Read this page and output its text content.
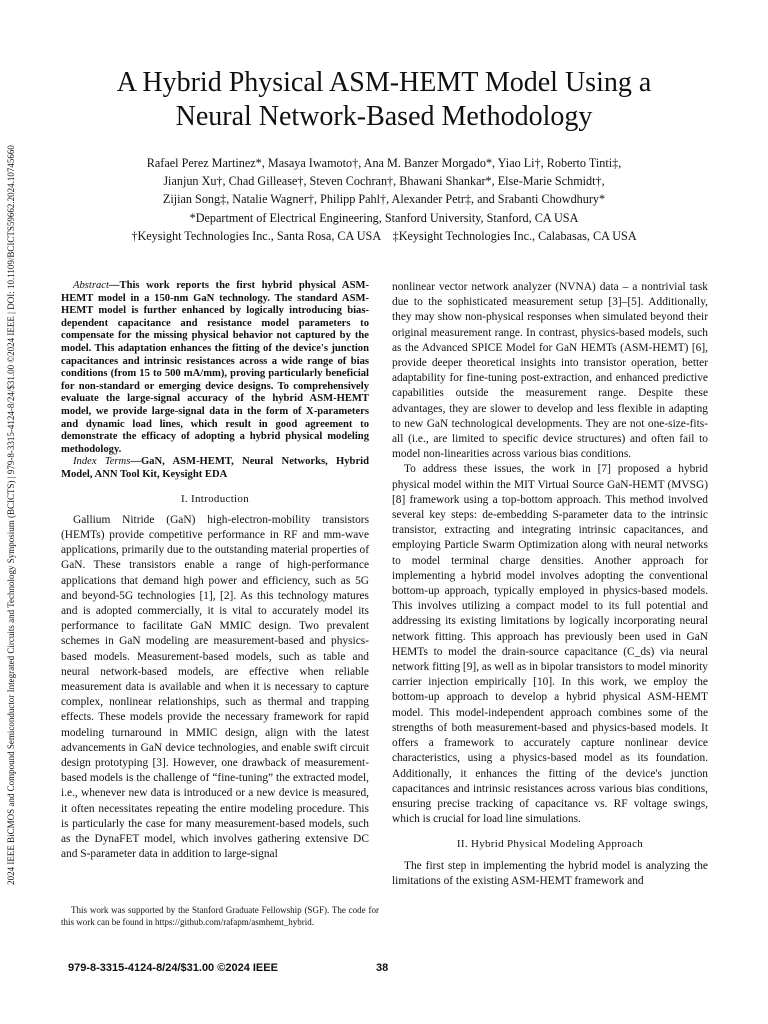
2024 IEEE BiCMOS and Compound Semiconductor Integrated Circuits and Technology Symposium (BCICTS) | 979-8-3315-4124-8/24/$31.00 ©2024 IEEE | DOI: 10.1109/BCICTS59662.2024.10745660
A Hybrid Physical ASM-HEMT Model Using a
Neural Network-Based Methodology
Rafael Perez Martinez*, Masaya Iwamoto†, Ana M. Banzer Morgado*, Yiao Li†, Roberto Tinti‡,
Jianjun Xu†, Chad Gillease†, Steven Cochran†, Bhawani Shankar*, Else-Marie Schmidt†,
Zijian Song‡, Natalie Wagner†, Philipp Pahl†, Alexander Petr‡, and Srabanti Chowdhury*
*Department of Electrical Engineering, Stanford University, Stanford, CA USA
†Keysight Technologies Inc., Santa Rosa, CA USA    ‡Keysight Technologies Inc., Calabasas, CA USA

Abstract—This work reports the first hybrid physical ASM-HEMT model in a 150-nm GaN technology. The standard ASM-HEMT model is further enhanced by logically introducing bias-dependent capacitance and resistance model parameters to compensate for the missing physical behavior not captured by the model. This adaptation enhances the fitting of the device's junction capacitances and intrinsic resistances across a wide range of bias conditions (from 15 to 500 mA/mm), proving particularly beneficial for non-standard or emerging device designs. To comprehensively evaluate the large-signal accuracy of the hybrid ASM-HEMT model, we provide large-signal data in the form of X-parameters and dynamic load lines, which result in good agreement to demonstrate the efficacy of adopting a hybrid physical modeling methodology.

Index Terms—GaN, ASM-HEMT, Neural Networks, Hybrid Model, ANN Tool Kit, Keysight EDA

I. Introduction

Gallium Nitride (GaN) high-electron-mobility transistors (HEMTs) provide competitive performance in RF and mm-wave applications, primarily due to the outstanding material properties of GaN. These transistors enable a range of high-performance applications that demand high power and efficiency, such as 5G and beyond-5G technologies [1], [2]. As this technology matures and is adopted commercially, it is vital to accurately model its performance to facilitate GaN MMIC design. Two prevalent schemes in GaN modeling are measurement-based and physics-based models. Measurement-based models, such as table and neural network-based models, are effective when reliable measurement data is available and when it is necessary to capture complex, nonlinear relationships, such as thermal and trapping effects. These models provide the necessary framework for rapid modeling turnaround in MMIC design, align with the latest advancements in GaN device technologies, and enable swift circuit design prototyping [3]. However, one drawback of measurement-based models is the challenge of “fine-tuning” the extracted model, i.e., whenever new data is introduced or a new device is measured, it often necessitates repeating the entire modeling procedure. This is particularly the case for many measurement-based models, such as the DynaFET model, which involves gathering extensive DC and S-parameter data in addition to large-signal

This work was supported by the Stanford Graduate Fellowship (SGF). The code for this work can be found in https://github.com/rafapm/asmhemt_hybrid.

nonlinear vector network analyzer (NVNA) data – a nontrivial task due to the sophisticated measurement setup [3]–[5]. Additionally, they may show non-physical responses when simulated beyond their original measurement range. In contrast, physics-based models, such as the Advanced SPICE Model for GaN HEMTs (ASM-HEMT) [6], provide deeper theoretical insights into transistor operation, better adaptability for fine-tuning post-extraction, and enhanced predictive capabilities outside the measurement range. Despite these advantages, they are slower to develop and less flexible in adapting to new GaN technological developments. They are not one-size-fits-all (i.e., are limited to specific device structures) and often fail to model non-linearities across various bias conditions.

To address these issues, the work in [7] proposed a hybrid physical model within the MIT Virtual Source GaN-HEMT (MVSG) [8] framework using a top-bottom approach. This method involved several key steps: de-embedding S-parameter data to the intrinsic transistor, extracting and integrating intrinsic capacitances, and employing Particle Swarm Optimization along with neural networks to model terminal charge densities. Another approach for implementing a hybrid model involves adopting the conventional bottom-up approach, typically employed in physics-based models. This involves utilizing a compact model to its full potential and addressing its existing limitations by logically incorporating neural network fitting. This approach has previously been used in GaN HEMTs to model the drain-source capacitance (C_ds) via neural network fitting [9], as well as in bipolar transistors to model minority carrier injection empirically [10]. In this work, we employ the bottom-up approach to develop a hybrid physical ASM-HEMT model. This model-independent approach combines some of the strengths of both measurement-based and physics-based models. It offers a framework to accurately capture nonlinear device characteristics, using a physics-based model as its foundation. Additionally, it enhances the fitting of the device's junction capacitances and intrinsic resistances across various bias conditions, ensuring precise tracking of capacitance vs. RF voltage swings, which is crucial for load line simulations.

II. Hybrid Physical Modeling Approach

The first step in implementing the hybrid model is analyzing the limitations of the existing ASM-HEMT framework and

979-8-3315-4124-8/24/$31.00 ©2024 IEEE	38
